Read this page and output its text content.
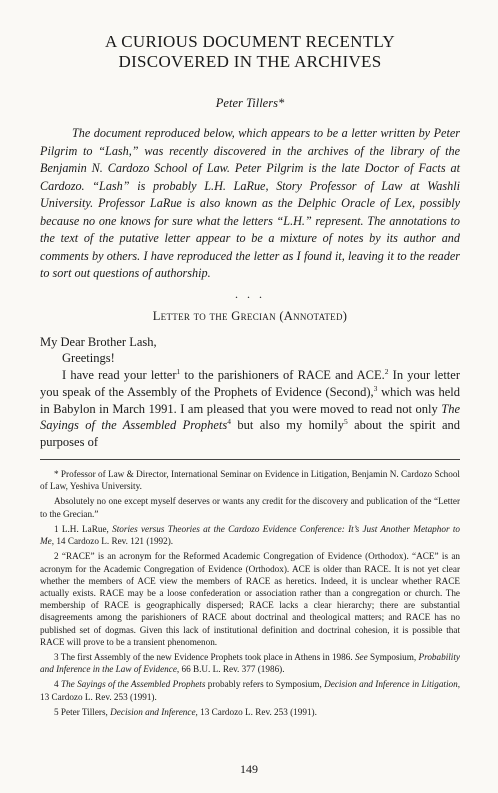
A CURIOUS DOCUMENT RECENTLY
DISCOVERED IN THE ARCHIVES
Peter Tillers*

The document reproduced below, which appears to be a letter written by Peter Pilgrim to “Lash,” was recently discovered in the archives of the library of the Benjamin N. Cardozo School of Law. Peter Pilgrim is the late Doctor of Facts at Cardozo. “Lash” is probably L.H. LaRue, Story Professor of Law at Washli University. Professor LaRue is also known as the Delphic Oracle of Lex, possibly because no one knows for sure what the letters “L.H.” represent. The annotations to the text of the putative letter appear to be a mixture of notes by its author and comments by others. I have reproduced the letter as I found it, leaving it to the reader to sort out questions of authorship.

. . .
Letter to the Grecian (Annotated)

My Dear Brother Lash,

Greetings!

I have read your letter$^1$ to the parishioners of RACE and ACE.$^2$ In your letter you speak of the Assembly of the Prophets of Evidence (Second),$^3$ which was held in Babylon in March 1991. I am pleased that you were moved to read not only The Sayings of the Assembled Prophets$^4$ but also my homily$^5$ about the spirit and purposes of

* Professor of Law & Director, International Seminar on Evidence in Litigation, Benjamin N. Cardozo School of Law, Yeshiva University.

Absolutely no one except myself deserves or wants any credit for the discovery and publication of the “Letter to the Grecian.”

1 L.H. LaRue, Stories versus Theories at the Cardozo Evidence Conference: It’s Just Another Metaphor to Me, 14 Cardozo L. Rev. 121 (1992).

2 “RACE” is an acronym for the Reformed Academic Congregation of Evidence (Orthodox). “ACE” is an acronym for the Academic Congregation of Evidence (Orthodox). ACE is older than RACE. It is not yet clear whether the members of ACE view the members of RACE as heretics. Indeed, it is unclear whether RACE actually exists. RACE may be a loose confederation or association rather than a congregation or church. The membership of RACE is geographically dispersed; RACE lacks a clear hierarchy; there are substantial disagreements among the parishioners of RACE about doctrinal and theological matters; and RACE has no published set of dogmas. Given this lack of institutional definition and doctrinal cohesion, it is possible that RACE will prove to be a transient phenomenon.

3 The first Assembly of the new Evidence Prophets took place in Athens in 1986. See Symposium, Probability and Inference in the Law of Evidence, 66 B.U. L. Rev. 377 (1986).

4 The Sayings of the Assembled Prophets probably refers to Symposium, Decision and Inference in Litigation, 13 Cardozo L. Rev. 253 (1991).

5 Peter Tillers, Decision and Inference, 13 Cardozo L. Rev. 253 (1991).

149
